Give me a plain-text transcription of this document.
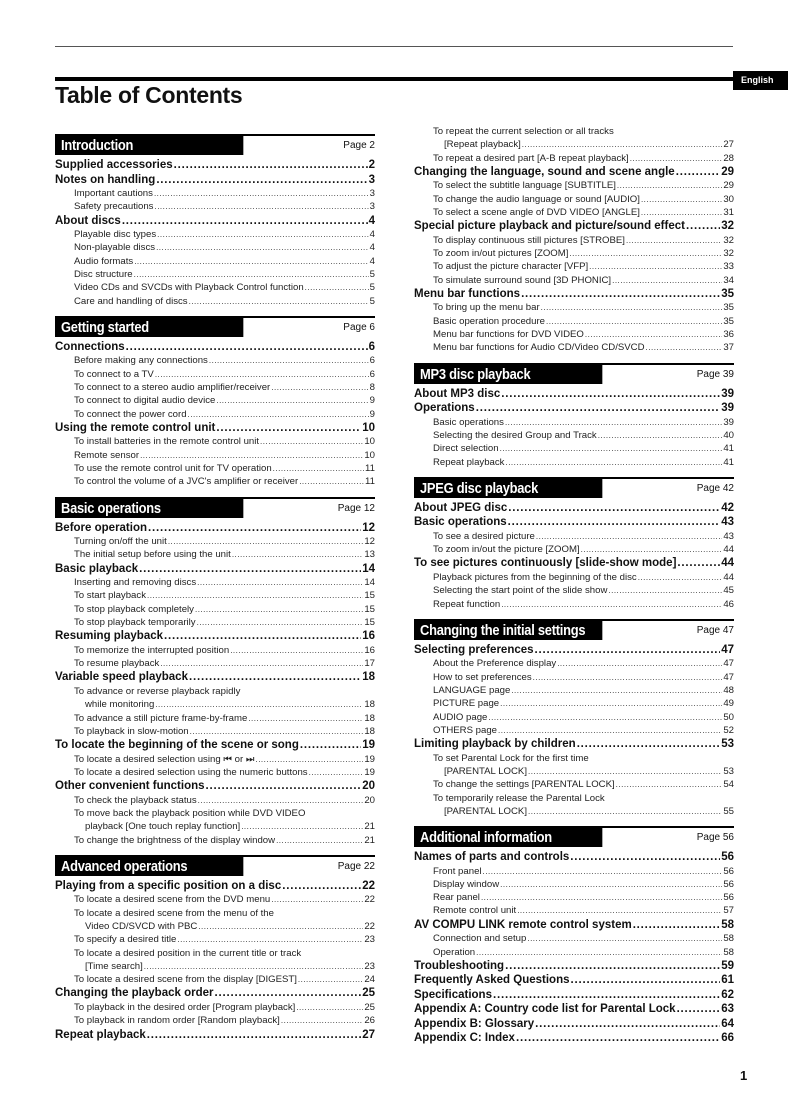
English
Table of Contents
Introduction	Page 2
Supplied accessories .....	2
Notes on handling .....	3
Important cautions .....	3
Safety precautions .....	3
About discs .....	4
Playable disc types .....	4
Non-playable discs .....	4
Audio formats .....	4
Disc structure .....	5
Video CDs and SVCDs with Playback Control function .....	5
Care and handling of discs .....	5
Getting started	Page 6
Connections .....	6
Before making any connections .....	6
To connect to a TV .....	6
To connect to a stereo audio amplifier/receiver .....	8
To connect to digital audio device .....	9
To connect the power cord .....	9
Using the remote control unit .....	10
To install batteries in the remote control unit .....	10
Remote sensor .....	10
To use the remote control unit for TV operation .....	11
To control the volume of a JVC's amplifier or receiver .....	11
Basic operations	Page 12
Before operation .....	12
Turning on/off the unit .....	12
The initial setup before using the unit .....	13
Basic playback .....	14
Inserting and removing discs .....	14
To start playback .....	15
To stop playback completely .....	15
To stop playback temporarily .....	15
Resuming playback .....	16
To memorize the interrupted position .....	16
To resume playback .....	17
Variable speed playback .....	18
To advance or reverse playback rapidly
while monitoring .....	18
To advance a still picture frame-by-frame .....	18
To playback in slow-motion .....	18
To locate the beginning of the scene or song .....	19
To locate a desired selection using ⏮ or ⏭ .....	19
To locate a desired selection using the numeric buttons .....	19
Other convenient functions .....	20
To check the playback status .....	20
To move back the playback position while DVD VIDEO
playback [One touch replay function] .....	21
To change the brightness of the display window .....	21
Advanced operations	Page 22
Playing from a specific position on a disc .....	22
To locate a desired scene from the DVD menu .....	22
To locate a desired scene from the menu of the
Video CD/SVCD with PBC .....	22
To specify a desired title .....	23
To locate a desired position in the current title or track
[Time search] .....	23
To locate a desired scene from the display [DIGEST] .....	24
Changing the playback order .....	25
To playback in the desired order [Program playback] .....	25
To playback in random order [Random playback] .....	26
Repeat playback .....	27
To repeat the current selection or all tracks
[Repeat playback] .....	27
To repeat a desired part [A-B repeat playback] .....	28
Changing the language, sound and scene angle .....	29
To select the subtitle language [SUBTITLE] .....	29
To change the audio language or sound [AUDIO] .....	30
To select a scene angle of DVD VIDEO [ANGLE] .....	31
Special picture playback and picture/sound effect .....	32
To display continuous still pictures [STROBE] .....	32
To zoom in/out pictures [ZOOM] .....	32
To adjust the picture character [VFP] .....	33
To simulate surround sound [3D PHONIC] .....	34
Menu bar functions .....	35
To bring up the menu bar .....	35
Basic operation procedure .....	35
Menu bar functions for DVD VIDEO .....	36
Menu bar functions for Audio CD/Video CD/SVCD .....	37
MP3 disc playback	Page 39
About MP3 disc .....	39
Operations .....	39
Basic operations .....	39
Selecting the desired Group and Track .....	40
Direct selection .....	41
Repeat playback .....	41
JPEG disc playback	Page 42
About JPEG disc .....	42
Basic operations .....	43
To see a desired picture .....	43
To zoom in/out the picture [ZOOM] .....	44
To see pictures continuously [slide-show mode] .....	44
Playback pictures from the beginning of the disc .....	44
Selecting the start point of the slide show .....	45
Repeat function .....	46
Changing the initial settings	Page 47
Selecting preferences .....	47
About the Preference display .....	47
How to set preferences .....	47
LANGUAGE page .....	48
PICTURE page .....	49
AUDIO page .....	50
OTHERS page .....	52
Limiting playback by children .....	53
To set Parental Lock for the first time
[PARENTAL LOCK] .....	53
To change the settings [PARENTAL LOCK] .....	54
To temporarily release the Parental Lock
[PARENTAL LOCK] .....	55
Additional information	Page 56
Names of parts and controls .....	56
Front panel .....	56
Display window .....	56
Rear panel .....	56
Remote control unit .....	57
AV COMPU LINK remote control system .....	58
Connection and setup .....	58
Operation .....	58
Troubleshooting .....	59
Frequently Asked Questions .....	61
Specifications .....	62
Appendix A: Country code list for Parental Lock .....	63
Appendix B: Glossary .....	64
Appendix C: Index .....	66
1
